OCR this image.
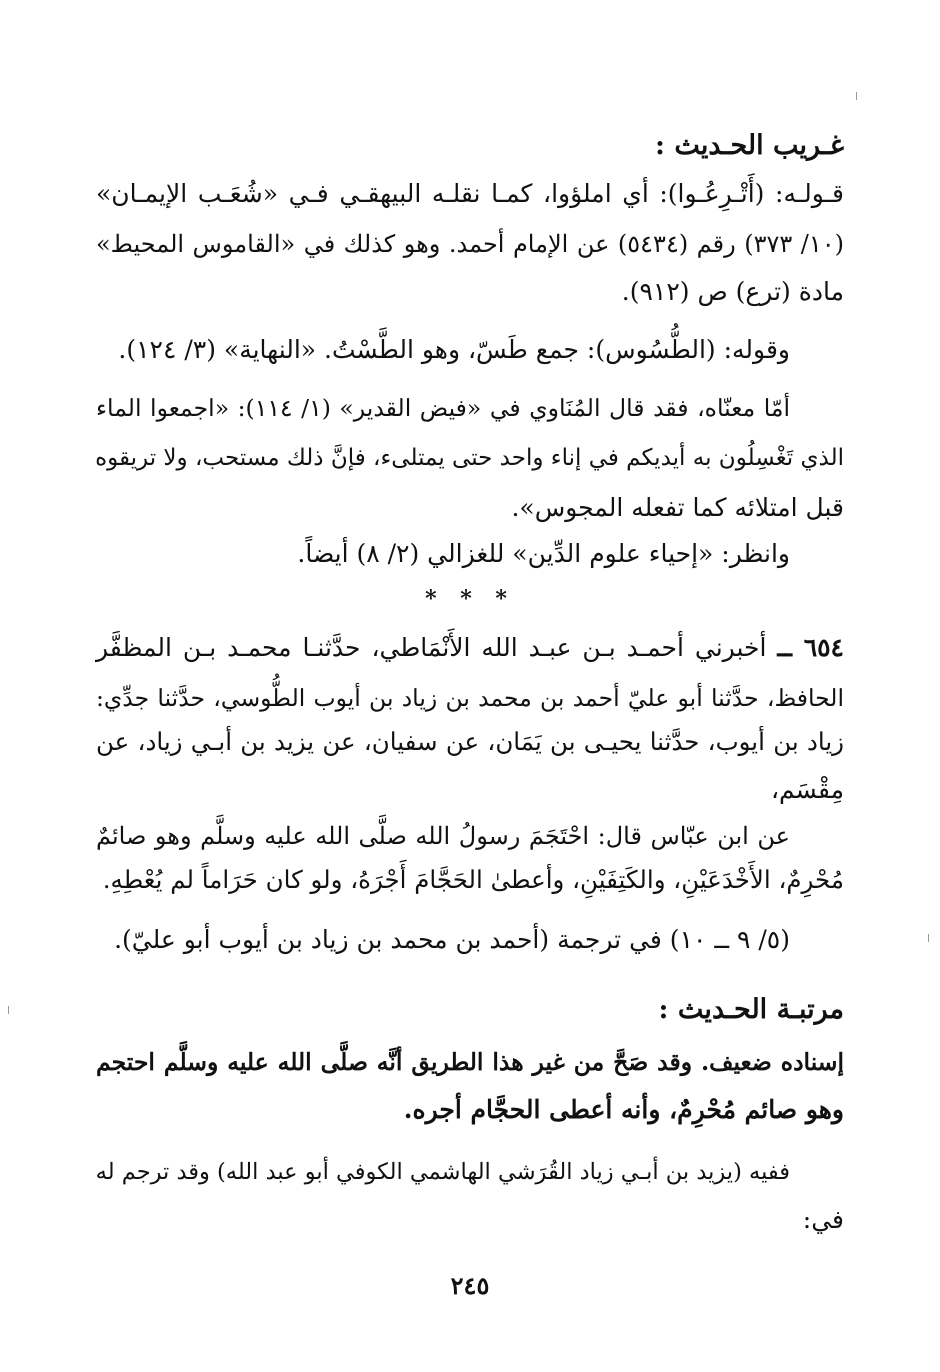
غـريب الحـديث :
قـولـه: (أَتْـرِعُـوا): أي املؤوا، كمـا نقلـه البيهقـي فـي «شُعَـب الإيمـان»
(١٠/ ٣٧٣) رقم (٥٤٣٤) عن الإمام أحمد. وهو كذلك في «القاموس المحيط»
مادة (ترع) ص (٩١٢).
وقوله: (الطُّسُوس): جمع طَسّ، وهو الطَّسْتُ. «النهاية» (٣/ ١٢٤).
أمّا معنّاه، فقد قال المُنَاوي في «فيض القدير» (١/ ١١٤): «اجمعوا الماء
الذي تَغْسِلُون به أيديكم في إناء واحد حتى يمتلىء، فإنَّ ذلك مستحب، ولا تريقوه
قبل امتلائه كما تفعله المجوس».
وانظر: «إحياء علوم الدِّين» للغزالي (٢/ ٨) أيضاً.
* * *
٦٥٤ ــ أخبرني أحمـد بـن عبـد الله الأَنْمَاطي، حدَّثنـا محمـد بـن المظفَّر
الحافظ، حدَّثنا أبو عليّ أحمد بن محمد بن زياد بن أيوب الطُّوسي، حدَّثنا جدِّي:
زياد بن أيوب، حدَّثنا يحيـى بن يَمَان، عن سفيان، عن يزيد بن أبـي زياد، عن
مِقْسَم،
عن ابن عبّاس قال: احْتَجَمَ رسولُ الله صلَّى الله عليه وسلَّم وهو صائمٌ
مُحْرِمٌ، الأَخْدَعَيْنِ، والكَتِفَيْنِ، وأعطىٰ الحَجَّامَ أَجْرَهُ، ولو كان حَرَاماً لم يُعْطِهِ.
(٥/ ٩ ــ ١٠) في ترجمة (أحمد بن محمد بن زياد بن أيوب أبو عليّ).
مرتبـة الحـديث :
إسناده ضعيف. وقد صَحَّ من غير هذا الطريق أنَّه صلَّى الله عليه وسلَّم احتجم
وهو صائم مُحْرِمٌ، وأنه أعطى الحجَّام أجره.
ففيه (يزيد بن أبـي زياد القُرَشي الهاشمي الكوفي أبو عبد الله) وقد ترجم له
في:
٢٤٥
